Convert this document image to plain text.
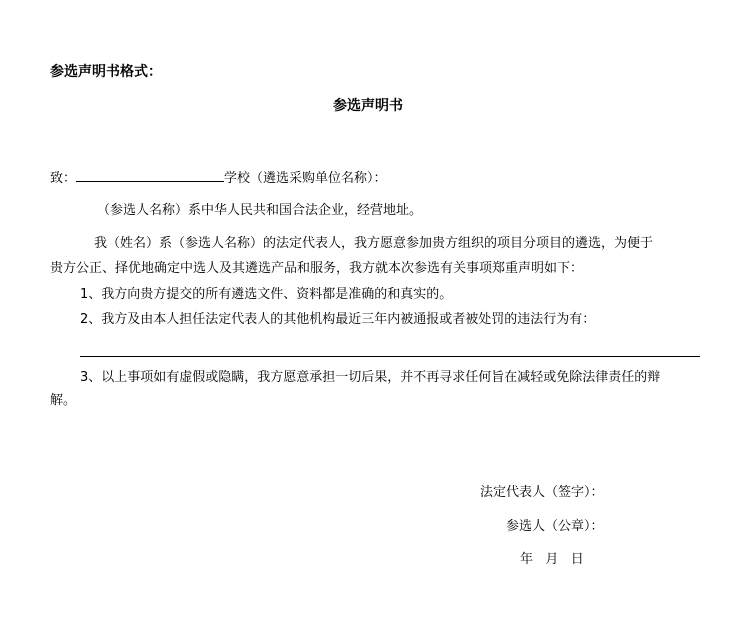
参选声明书格式：

参选声明书

致：	学校（遴选采购单位名称）：

（参选人名称）系中华人民共和国合法企业，经营地址。

我（姓名）系（参选人名称）的法定代表人，我方愿意参加贵方组织的项目分项目的遴选，为便于

贵方公正、择优地确定中选人及其遴选产品和服务，我方就本次参选有关事项郑重声明如下：

1、我方向贵方提交的所有遴选文件、资料都是准确的和真实的。

2、我方及由本人担任法定代表人的其他机构最近三年内被通报或者被处罚的违法行为有：

3、以上事项如有虚假或隐瞒，我方愿意承担一切后果，并不再寻求任何旨在减轻或免除法律责任的辩

解。

法定代表人（签字）：

参选人（公章）：

年   月   日
